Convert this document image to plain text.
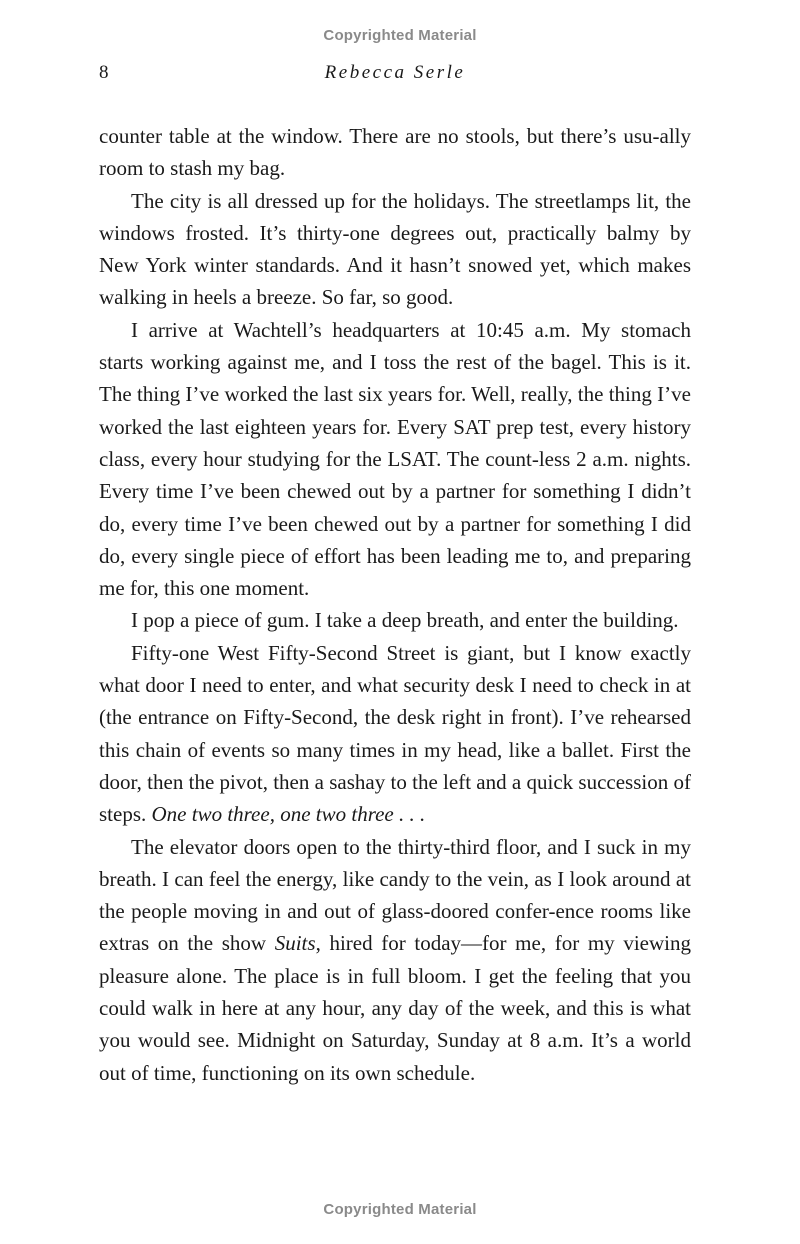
Copyrighted Material
8	Rebecca Serle

counter table at the window. There are no stools, but there’s usu-ally room to stash my bag.

The city is all dressed up for the holidays. The streetlamps lit, the windows frosted. It’s thirty-one degrees out, practically balmy by New York winter standards. And it hasn’t snowed yet, which makes walking in heels a breeze. So far, so good.

I arrive at Wachtell’s headquarters at 10:45 a.m. My stomach starts working against me, and I toss the rest of the bagel. This is it. The thing I’ve worked the last six years for. Well, really, the thing I’ve worked the last eighteen years for. Every SAT prep test, every history class, every hour studying for the LSAT. The count-less 2 a.m. nights. Every time I’ve been chewed out by a partner for something I didn’t do, every time I’ve been chewed out by a partner for something I did do, every single piece of effort has been leading me to, and preparing me for, this one moment.

I pop a piece of gum. I take a deep breath, and enter the building.

Fifty-one West Fifty-Second Street is giant, but I know exactly what door I need to enter, and what security desk I need to check in at (the entrance on Fifty-Second, the desk right in front). I’ve rehearsed this chain of events so many times in my head, like a ballet. First the door, then the pivot, then a sashay to the left and a quick succession of steps. One two three, one two three . . .

The elevator doors open to the thirty-third floor, and I suck in my breath. I can feel the energy, like candy to the vein, as I look around at the people moving in and out of glass-doored confer-ence rooms like extras on the show Suits, hired for today—for me, for my viewing pleasure alone. The place is in full bloom. I get the feeling that you could walk in here at any hour, any day of the week, and this is what you would see. Midnight on Saturday, Sunday at 8 a.m. It’s a world out of time, functioning on its own schedule.

Copyrighted Material
